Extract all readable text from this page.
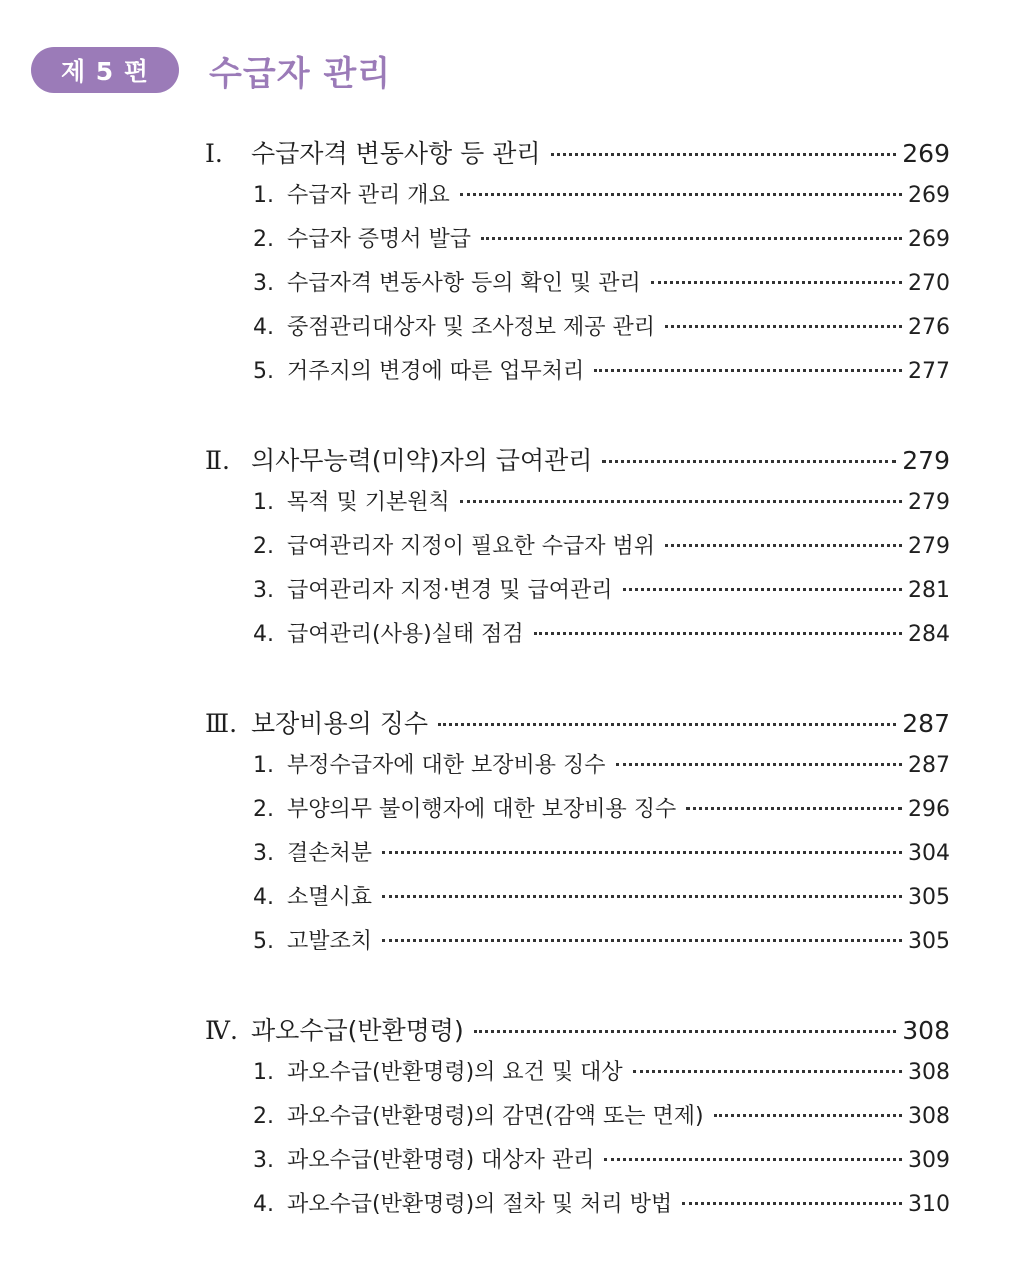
제 5 편	수급자 관리
Ⅰ.	수급자격 변동사항 등 관리	269
1. 수급자 관리 개요	269
2. 수급자 증명서 발급	269
3. 수급자격 변동사항 등의 확인 및 관리	270
4. 중점관리대상자 및 조사정보 제공 관리	276
5. 거주지의 변경에 따른 업무처리	277
Ⅱ. 의사무능력(미약)자의 급여관리	279
1. 목적 및 기본원칙	279
2. 급여관리자 지정이 필요한 수급자 범위	279
3. 급여관리자 지정·변경 및 급여관리	281
4. 급여관리(사용)실태 점검	284
Ⅲ. 보장비용의 징수	287
1. 부정수급자에 대한 보장비용 징수	287
2. 부양의무 불이행자에 대한 보장비용 징수	296
3. 결손처분	304
4. 소멸시효	305
5. 고발조치	305
Ⅳ. 과오수급(반환명령)	308
1. 과오수급(반환명령)의 요건 및 대상	308
2. 과오수급(반환명령)의 감면(감액 또는 면제)	308
3. 과오수급(반환명령) 대상자 관리	309
4. 과오수급(반환명령)의 절차 및 처리 방법	310
